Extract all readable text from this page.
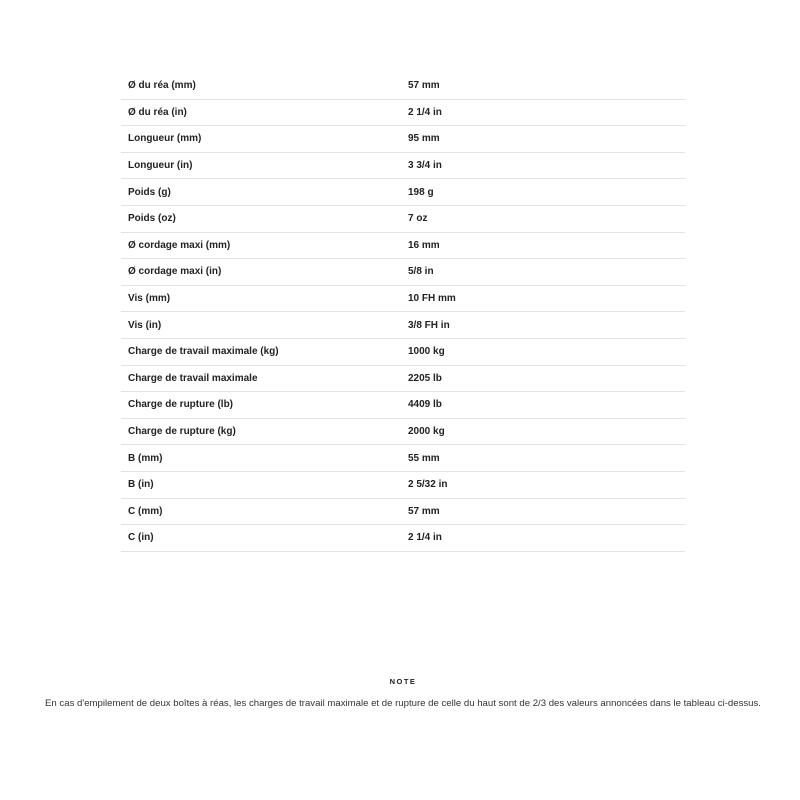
Ø du réa (mm)	57 mm
Ø du réa (in)	2 1/4 in
Longueur (mm)	95 mm
Longueur (in)	3 3/4 in
Poids (g)	198 g
Poids (oz)	7 oz
Ø cordage maxi (mm)	16 mm
Ø cordage maxi (in)	5/8 in
Vis (mm)	10 FH mm
Vis (in)	3/8 FH in
Charge de travail maximale (kg)	1000 kg
Charge de travail maximale	2205 lb
Charge de rupture (lb)	4409 lb
Charge de rupture (kg)	2000 kg
B (mm)	55 mm
B (in)	2 5/32 in
C (mm)	57 mm
C (in)	2 1/4 in
NOTE
En cas d'empilement de deux boîtes à réas, les charges de travail maximale et de rupture de celle du haut sont de 2/3 des valeurs annoncées dans le tableau ci-dessus.
